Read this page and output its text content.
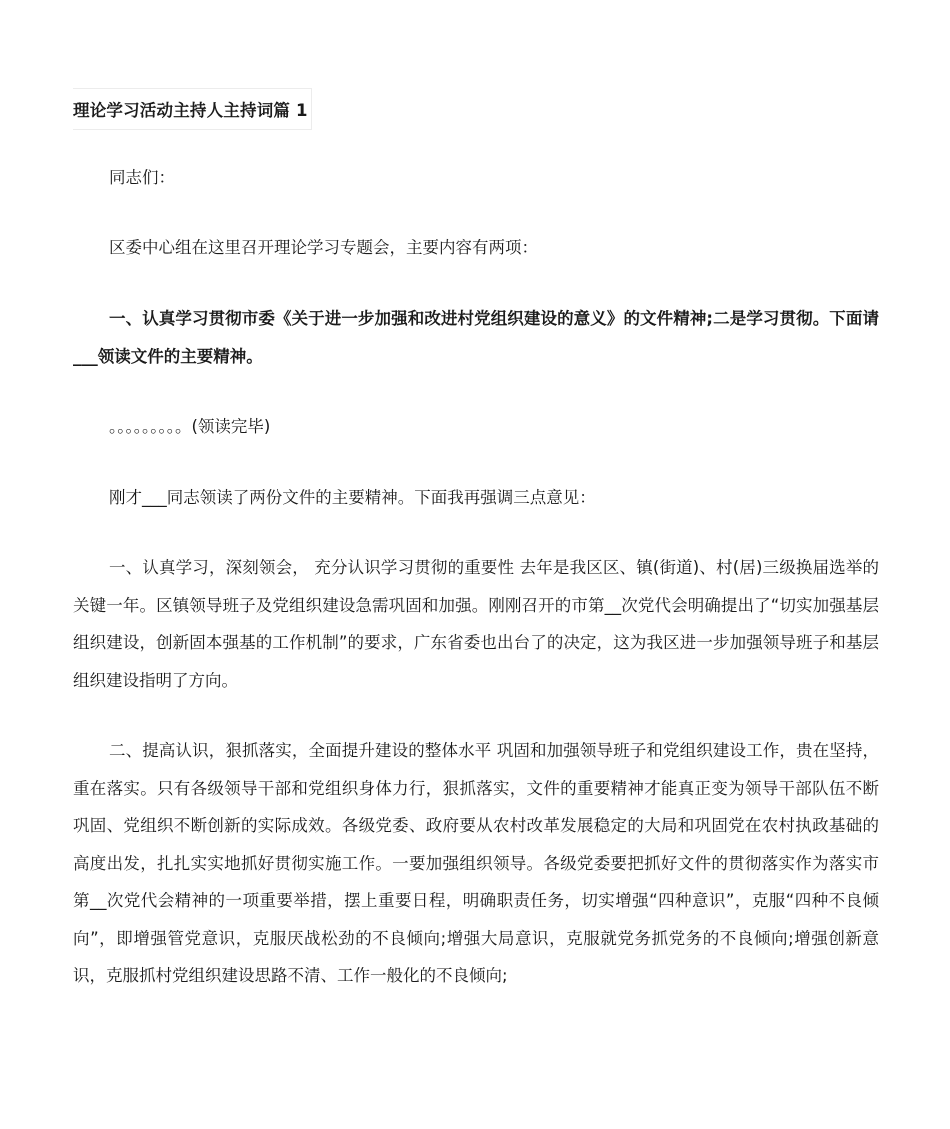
理论学习活动主持人主持词篇 1

同志们：

区委中心组在这里召开理论学习专题会，主要内容有两项：

一、认真学习贯彻市委《关于进一步加强和改进村党组织建设的意义》的文件精神;二是学习贯彻。下面请___领读文件的主要精神。

。。。。。。。。。(领读完毕)

刚才___同志领读了两份文件的主要精神。下面我再强调三点意见：

一、认真学习，深刻领会， 充分认识学习贯彻的重要性 去年是我区区、镇(街道)、村(居)三级换届选举的关键一年。区镇领导班子及党组织建设急需巩固和加强。刚刚召开的市第__次党代会明确提出了“切实加强基层组织建设，创新固本强基的工作机制”的要求，广东省委也出台了的决定，这为我区进一步加强领导班子和基层组织建设指明了方向。

二、提高认识，狠抓落实，全面提升建设的整体水平 巩固和加强领导班子和党组织建设工作，贵在坚持，重在落实。只有各级领导干部和党组织身体力行，狠抓落实，文件的重要精神才能真正变为领导干部队伍不断巩固、党组织不断创新的实际成效。各级党委、政府要从农村改革发展稳定的大局和巩固党在农村执政基础的高度出发，扎扎实实地抓好贯彻实施工作。一要加强组织领导。各级党委要把抓好文件的贯彻落实作为落实市第__次党代会精神的一项重要举措，摆上重要日程，明确职责任务，切实增强“四种意识”，克服“四种不良倾向”，即增强管党意识，克服厌战松劲的不良倾向;增强大局意识，克服就党务抓党务的不良倾向;增强创新意识，克服抓村党组织建设思路不清、工作一般化的不良倾向;
